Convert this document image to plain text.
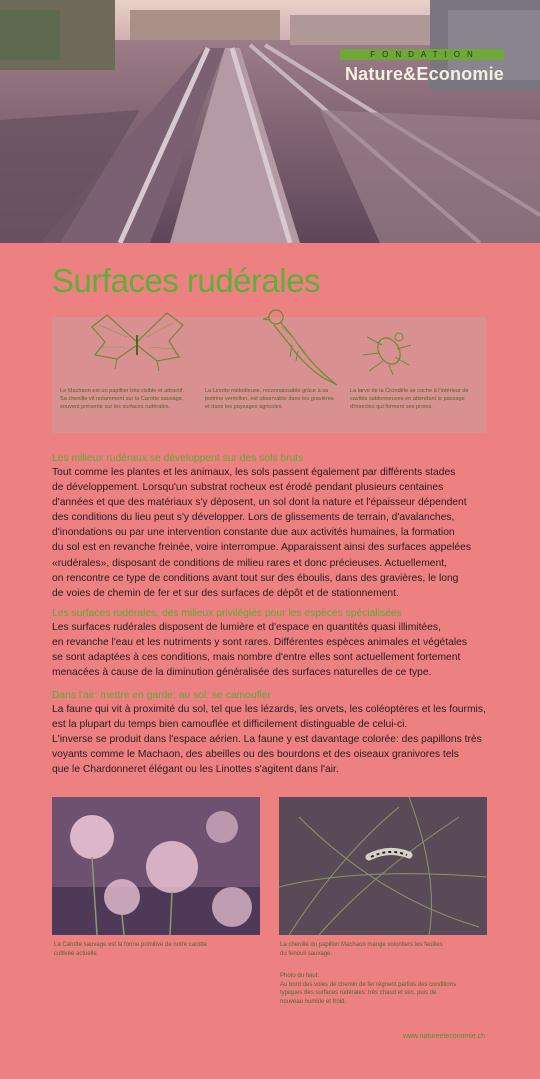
FONDATION
Nature&Economie
Surfaces rudérales
Le Machaon est un papillon très visible et attractif. Sa chenille vit notamment sur la Carotte sauvage, souvent présente sur les surfaces rudérales.
La Linotte mélodieuse, reconnaissable grâce à sa poitrine vermillon, est observable dans les gravières et dans les paysages agricoles.
La larve de la Cicindèle se cache à l'intérieur de cavités sablonneuses en attendant le passage d'insectes qui forment ses proies.

Les milieux rudéraux se développent sur des sols bruts

Tout comme les plantes et les animaux, les sols passent également par différents stades

de développement. Lorsqu'un substrat rocheux est érodé pendant plusieurs centaines

d'années et que des matériaux s'y déposent, un sol dont la nature et l'épaisseur dépendent

des conditions du lieu peut s'y développer. Lors de glissements de terrain, d'avalanches,

d'inondations ou par une intervention constante due aux activités humaines, la formation

du sol est en revanche freinée, voire interrompue. Apparaissent ainsi des surfaces appelées

«rudérales», disposant de conditions de milieu rares et donc précieuses. Actuellement,

on rencontre ce type de conditions avant tout sur des éboulis, dans des gravières, le long

de voies de chemin de fer et sur des surfaces de dépôt et de stationnement.

Les surfaces rudérales, des milieux privilégiés pour les espèces spécialisées

Les surfaces rudérales disposent de lumière et d'espace en quantités quasi illimitées,

en revanche l'eau et les nutriments y sont rares. Différentes espèces animales et végétales

se sont adaptées à ces conditions, mais nombre d'entre elles sont actuellement fortement

menacées à cause de la diminution généralisée des surfaces naturelles de ce type.

Dans l'air: mettre en garde; au sol: se camoufler

La faune qui vit à proximité du sol, tel que les lézards, les orvets, les coléoptères et les fourmis,

est la plupart du temps bien camouflée et difficilement distinguable de celui-ci.

L'inverse se produit dans l'espace aérien. La faune y est davantage colorée: des papillons très

voyants comme le Machaon, des abeilles ou des bourdons et des oiseaux granivores tels

que le Chardonneret élégant ou les Linottes s'agitent dans l'air.

La Carotte sauvage est la forme primitive de notre carotte
cultivée actuelle.
La chenille du papillon Machaon mange volontiers les feuilles
du fenouil sauvage.
Photo du haut:
Au bord des voies de chemin de fer règnent parfois des conditions
typiques des surfaces rudérales: très chaud et sec, puis de
nouveau humide et froid.
www.natureeteconomie.ch
